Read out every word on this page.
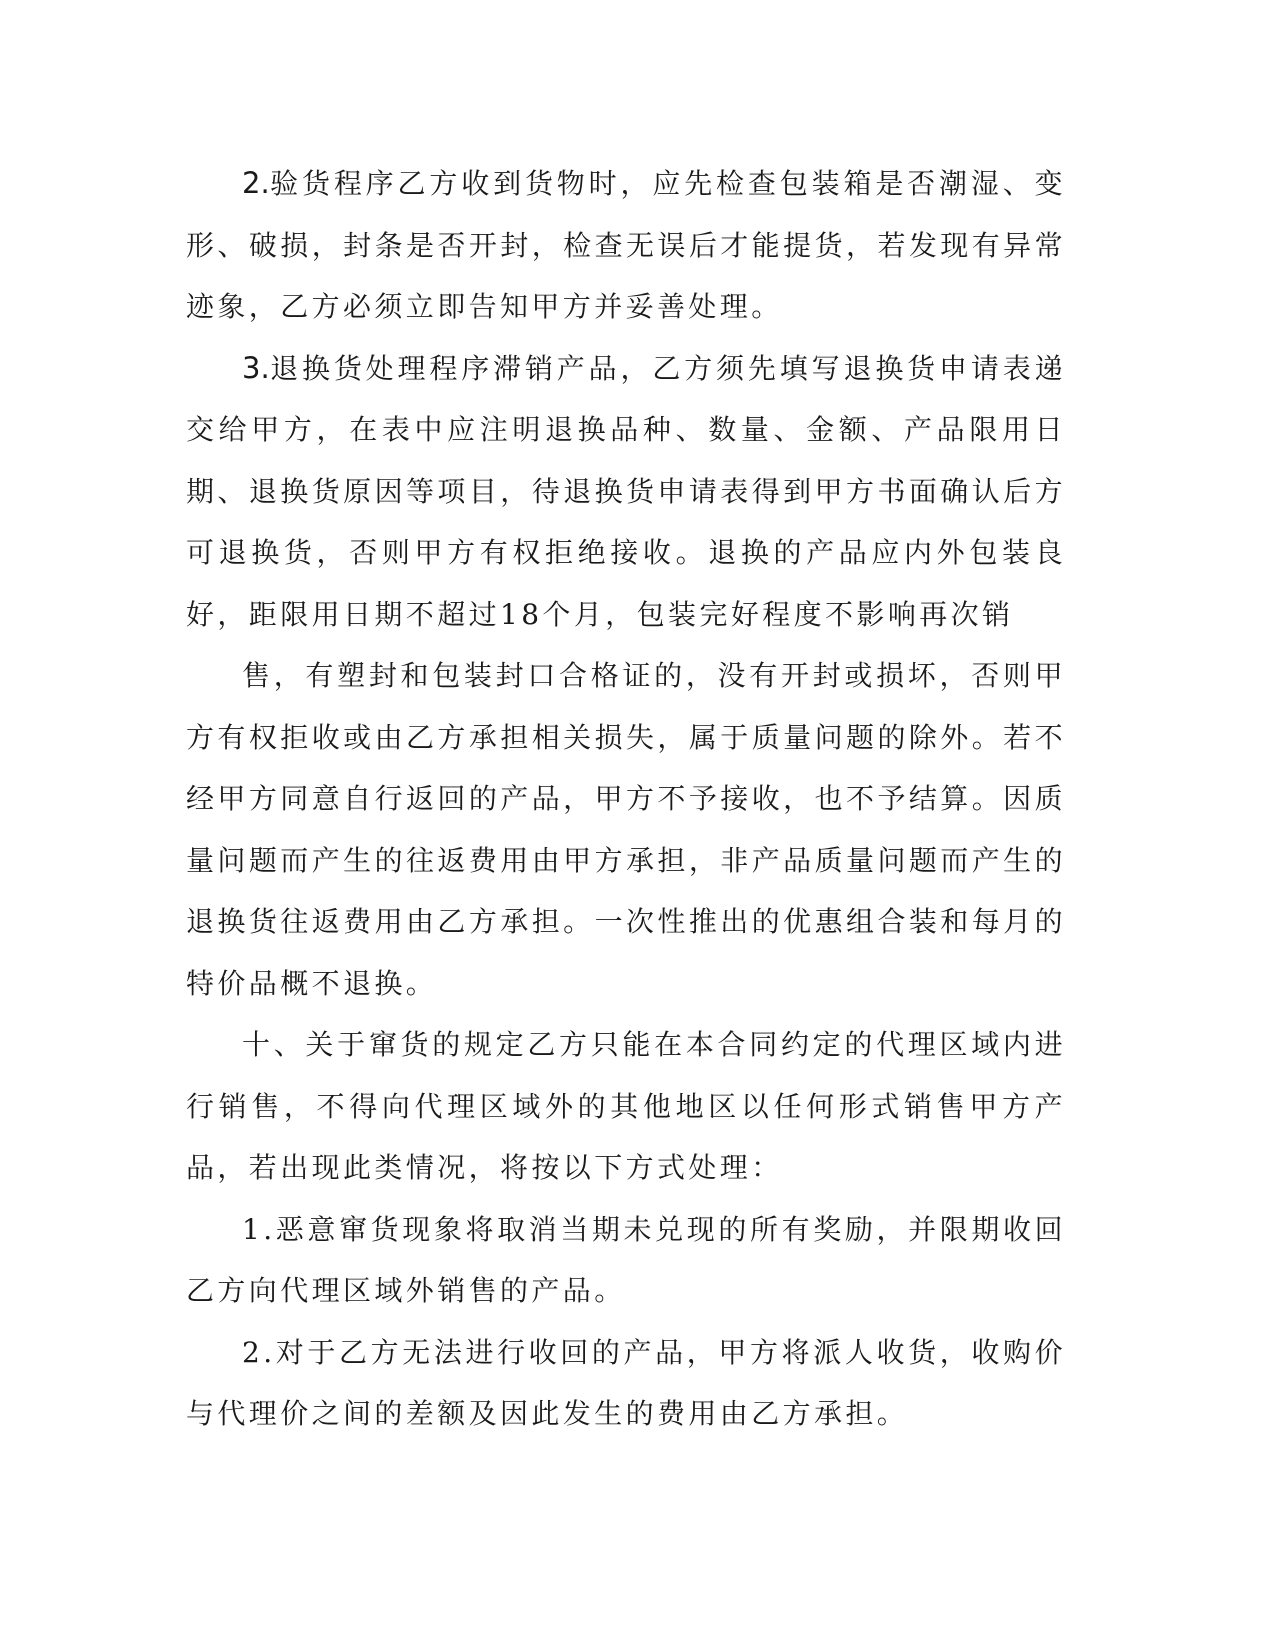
2.验货程序乙方收到货物时，应先检查包装箱是否潮湿、变形、破损，封条是否开封，检查无误后才能提货，若发现有异常迹象，乙方必须立即告知甲方并妥善处理。

3.退换货处理程序滞销产品，乙方须先填写退换货申请表递交给甲方，在表中应注明退换品种、数量、金额、产品限用日期、退换货原因等项目，待退换货申请表得到甲方书面确认后方可退换货，否则甲方有权拒绝接收。退换的产品应内外包装良好，距限用日期不超过18个月，包装完好程度不影响再次销

售，有塑封和包装封口合格证的，没有开封或损坏，否则甲方有权拒收或由乙方承担相关损失，属于质量问题的除外。若不经甲方同意自行返回的产品，甲方不予接收，也不予结算。因质量问题而产生的往返费用由甲方承担，非产品质量问题而产生的退换货往返费用由乙方承担。一次性推出的优惠组合装和每月的特价品概不退换。

十、关于窜货的规定乙方只能在本合同约定的代理区域内进行销售，不得向代理区域外的其他地区以任何形式销售甲方产品，若出现此类情况，将按以下方式处理：

1.恶意窜货现象将取消当期未兑现的所有奖励，并限期收回乙方向代理区域外销售的产品。

2.对于乙方无法进行收回的产品，甲方将派人收货，收购价与代理价之间的差额及因此发生的费用由乙方承担。
